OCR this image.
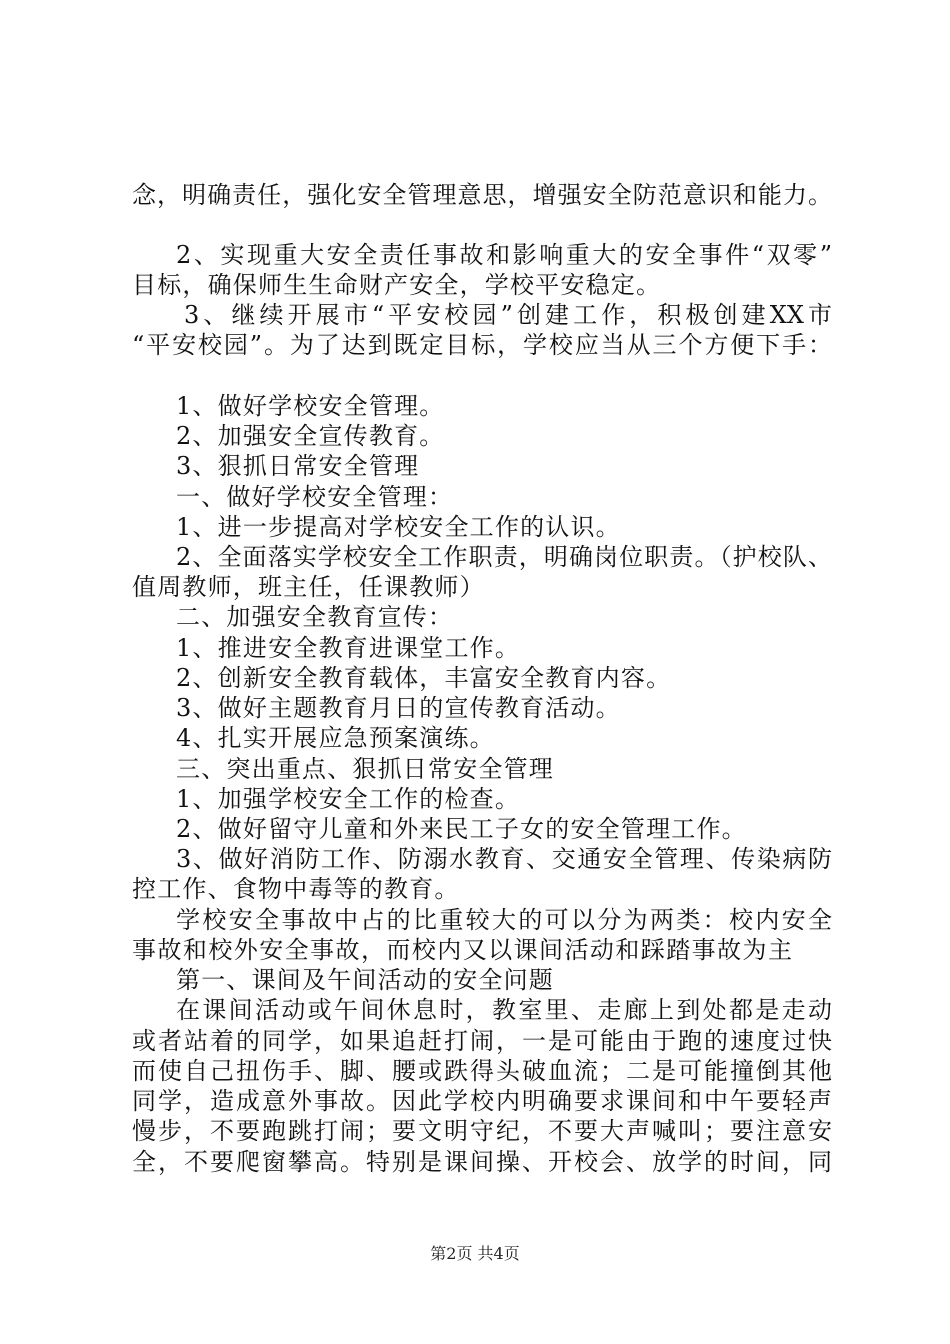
念，明确责任，强化安全管理意思，增强安全防范意识和能力。
2、实现重大安全责任事故和影响重大的安全事件“双零”
目标，确保师生生命财产安全，学校平安稳定。
3、继续开展市“平安校园”创建工作，积极创建XX市
“平安校园”。为了达到既定目标，学校应当从三个方便下手：
1、做好学校安全管理。
2、加强安全宣传教育。
3、狠抓日常安全管理
一、做好学校安全管理：
1、进一步提高对学校安全工作的认识。
2、全面落实学校安全工作职责，明确岗位职责。（护校队、
值周教师，班主任，任课教师）
二、加强安全教育宣传：
1、推进安全教育进课堂工作。
2、创新安全教育载体，丰富安全教育内容。
3、做好主题教育月日的宣传教育活动。
4、扎实开展应急预案演练。
三、突出重点、狠抓日常安全管理
1、加强学校安全工作的检查。
2、做好留守儿童和外来民工子女的安全管理工作。
3、做好消防工作、防溺水教育、交通安全管理、传染病防
控工作、食物中毒等的教育。
学校安全事故中占的比重较大的可以分为两类：校内安全
事故和校外安全事故，而校内又以课间活动和踩踏事故为主
第一、课间及午间活动的安全问题
在课间活动或午间休息时，教室里、走廊上到处都是走动
或者站着的同学，如果追赶打闹，一是可能由于跑的速度过快
而使自己扭伤手、脚、腰或跌得头破血流；二是可能撞倒其他
同学，造成意外事故。因此学校内明确要求课间和中午要轻声
慢步，不要跑跳打闹；要文明守纪，不要大声喊叫；要注意安
全，不要爬窗攀高。特别是课间操、开校会、放学的时间，同
第2页 共4页
